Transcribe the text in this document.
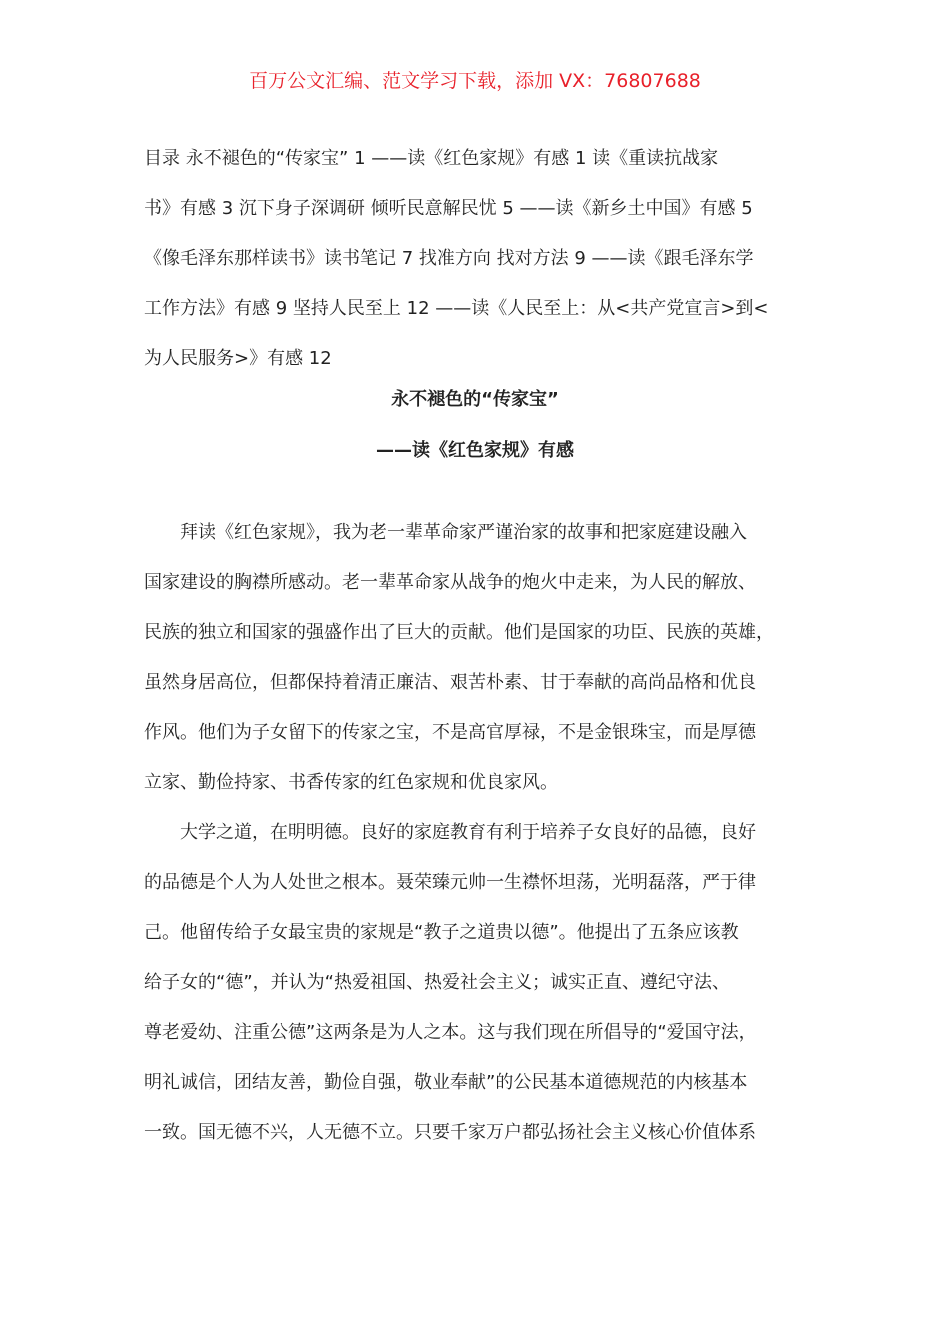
百万公文汇编、范文学习下载，添加 VX：76807688
目录 永不褪色的“传家宝” 1 ——读《红色家规》有感 1 读《重读抗战家
书》有感 3 沉下身子深调研 倾听民意解民忧 5 ——读《新乡土中国》有感 5
《像毛泽东那样读书》读书笔记 7 找准方向 找对方法 9 ——读《跟毛泽东学
工作方法》有感 9 坚持人民至上 12 ——读《人民至上：从<共产党宣言>到<
为人民服务>》有感 12
永不褪色的“传家宝”
——读《红色家规》有感
拜读《红色家规》，我为老一辈革命家严谨治家的故事和把家庭建设融入
国家建设的胸襟所感动。老一辈革命家从战争的炮火中走来，为人民的解放、
民族的独立和国家的强盛作出了巨大的贡献。他们是国家的功臣、民族的英雄，
虽然身居高位，但都保持着清正廉洁、艰苦朴素、甘于奉献的高尚品格和优良
作风。他们为子女留下的传家之宝，不是高官厚禄，不是金银珠宝，而是厚德
立家、勤俭持家、书香传家的红色家规和优良家风。
大学之道，在明明德。良好的家庭教育有利于培养子女良好的品德，良好
的品德是个人为人处世之根本。聂荣臻元帅一生襟怀坦荡，光明磊落，严于律
己。他留传给子女最宝贵的家规是“教子之道贵以德”。他提出了五条应该教
给子女的“德”，并认为“热爱祖国、热爱社会主义；诚实正直、遵纪守法、
尊老爱幼、注重公德”这两条是为人之本。这与我们现在所倡导的“爱国守法，
明礼诚信，团结友善，勤俭自强，敬业奉献”的公民基本道德规范的内核基本
一致。国无德不兴，人无德不立。只要千家万户都弘扬社会主义核心价值体系
